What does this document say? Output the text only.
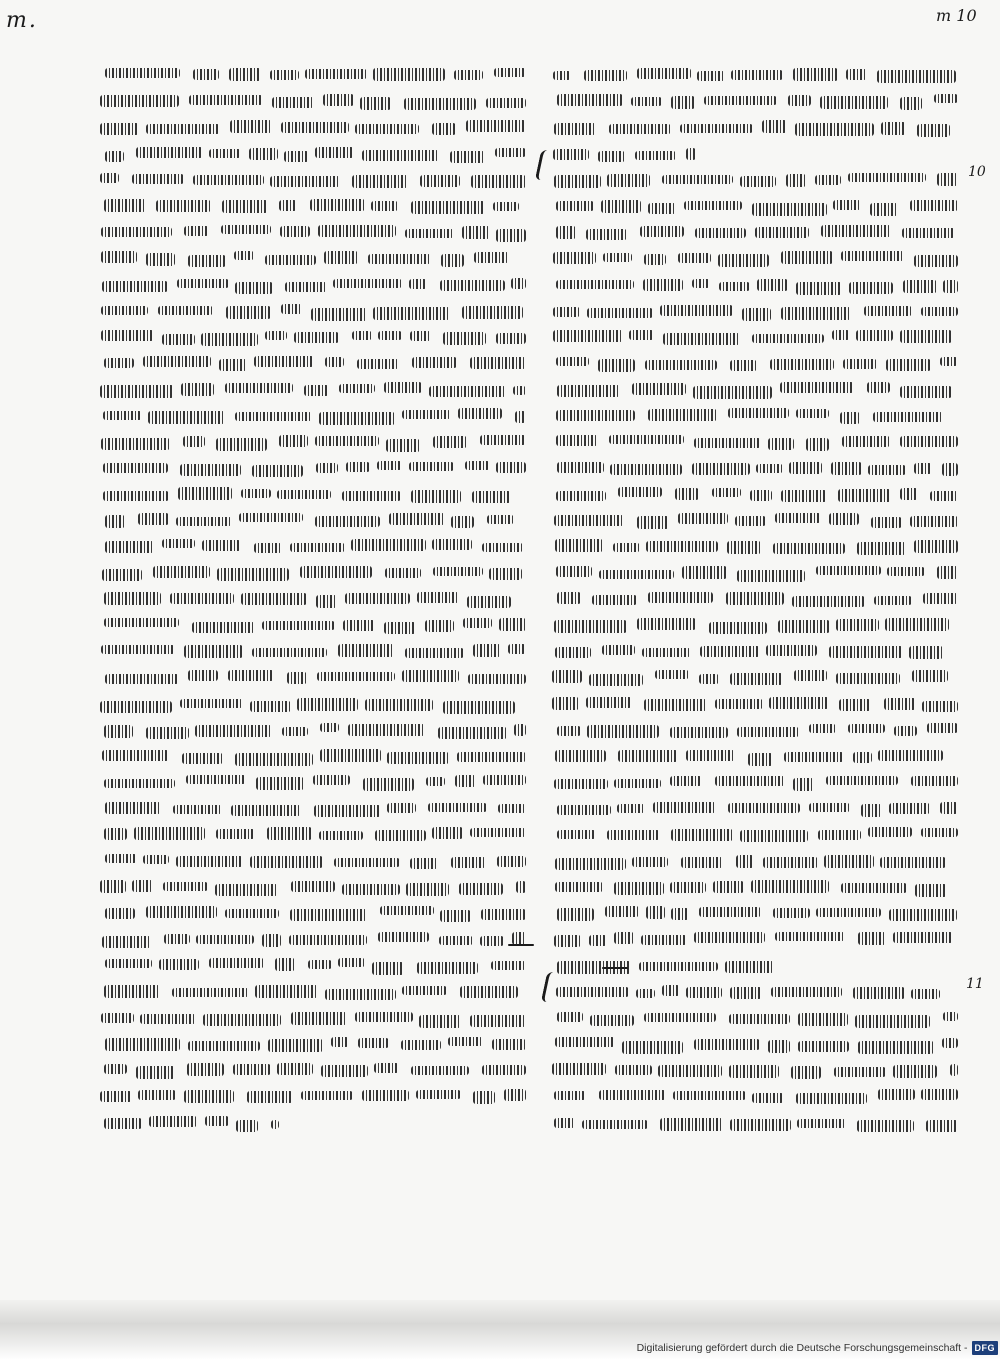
m.	m 10
10
11
Digitalisierung gefördert durch die Deutsche Forschungsgemeinschaft - DFG
